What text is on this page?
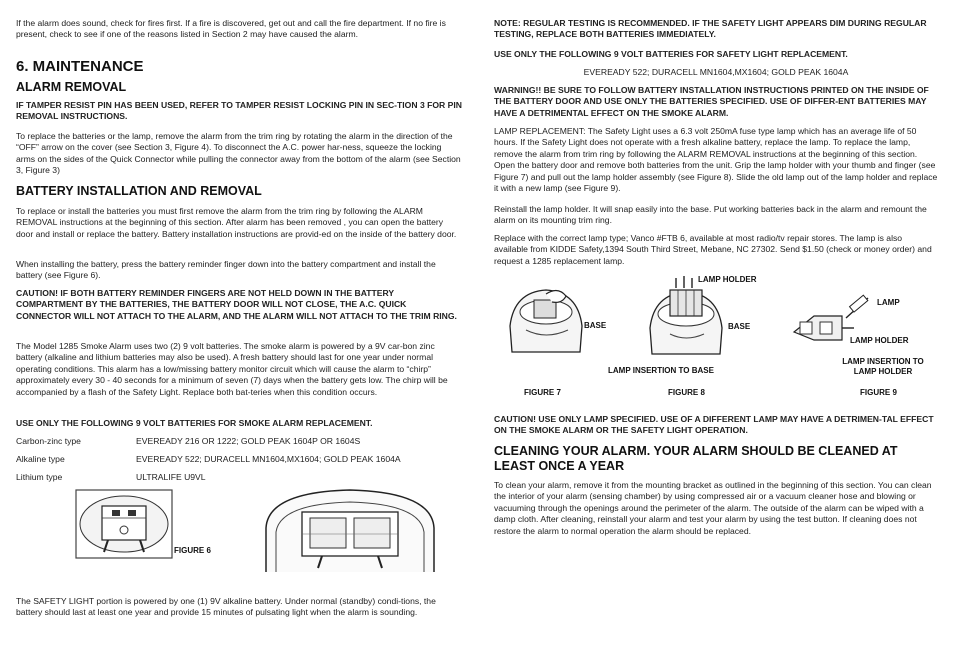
If the alarm does sound, check for fires first. If a fire is discovered, get out and call the fire department. If no fire is present, check to see if one of the reasons listed in Section 2 may have caused the alarm.

6. MAINTENANCE
ALARM REMOVAL

IF TAMPER RESIST PIN HAS BEEN USED, REFER TO TAMPER RESIST LOCKING PIN IN SEC-TION 3 FOR PIN REMOVAL INSTRUCTIONS.

To replace the batteries or the lamp, remove the alarm from the trim ring by rotating the alarm in the direction of the “OFF” arrow on the cover (see Section 3, Figure 4). To disconnect the A.C. power har-ness, squeeze the locking arms on the sides of the Quick Connector while pulling the connector away from the bottom of the alarm (see Section 3, Figure 3)

BATTERY INSTALLATION AND REMOVAL

To replace or install the batteries you must first remove the alarm from the trim ring by following the ALARM REMOVAL instructions at the beginning of this section. After alarm has been removed , you can open the battery door and install or replace the battery. Battery installation instructions are provid-ed on the inside of the battery door.

When installing the battery, press the battery reminder finger down into the battery compartment and install the battery (see Figure 6).

CAUTION! IF BOTH BATTERY REMINDER FINGERS ARE NOT HELD DOWN IN THE BATTERY COMPARTMENT BY THE BATTERIES, THE BATTERY DOOR WILL NOT CLOSE, THE A.C. QUICK CONNECTOR WILL NOT ATTACH TO THE ALARM, AND THE ALARM WILL NOT ATTACH TO THE TRIM RING.

The Model 1285 Smoke Alarm uses two (2) 9 volt batteries. The smoke alarm is powered by a 9V car-bon zinc battery (alkaline and lithium batteries may also be used). A fresh battery should last for one year under normal operating conditions. This alarm has a low/missing battery monitor circuit which will cause the alarm to “chirp” approximately every 30 - 40 seconds for a minimum of seven (7) days when the battery gets low. The chirp will be accompanied by a flash of the Safety Light. Replace both bat-teries when this condition occurs.

USE ONLY THE FOLLOWING 9 VOLT BATTERIES FOR SMOKE ALARM REPLACEMENT.

Carbon-zinc type	EVEREADY 216 OR 1222; GOLD PEAK 1604P OR 1604S
Alkaline type	EVEREADY 522; DURACELL MN1604,MX1604; GOLD PEAK 1604A
Lithium type	ULTRALIFE U9VL
FIGURE 6

The SAFETY LIGHT portion is powered by one (1) 9V alkaline battery. Under normal (standby) condi-tions, the battery should last at least one year and provide 15 minutes of pulsating light when the alarm is sounding.

NOTE: REGULAR TESTING IS RECOMMENDED. IF THE SAFETY LIGHT APPEARS DIM DURING REGULAR TESTING, REPLACE BOTH BATTERIES IMMEDIATELY.

USE ONLY THE FOLLOWING 9 VOLT BATTERIES FOR SAFETY LIGHT REPLACEMENT.

EVEREADY 522; DURACELL MN1604,MX1604; GOLD PEAK 1604A

WARNING!! BE SURE TO FOLLOW BATTERY INSTALLATION INSTRUCTIONS PRINTED ON THE INSIDE OF THE BATTERY DOOR AND USE ONLY THE BATTERIES SPECIFIED. USE OF DIFFER-ENT BATTERIES MAY HAVE A DETRIMENTAL EFFECT ON THE SMOKE ALARM.

LAMP REPLACEMENT: The Safety Light uses a 6.3 volt 250mA fuse type lamp which has an average life of 50 hours. If the Safety Light does not operate with a fresh alkaline battery, replace the lamp. To replace the lamp, remove the alarm from trim ring by following the ALARM REMOVAL instructions at the beginning of this section. Open the battery door and remove both batteries from the unit. Grip the lamp holder with your thumb and finger (see Figure 7) and pull out the lamp holder assembly (see Figure 8). Slide the old lamp out of the lamp holder and replace it with a new lamp (see Figure 9).

Reinstall the lamp holder. It will snap easily into the base. Put working batteries back in the alarm and remount the alarm on its mounting trim ring.

Replace with the correct lamp type; Vanco #FTB 6, available at most radio/tv repair stores. The lamp is also available from KIDDE Safety,1394 South Third Street, Mebane, NC 27302. Send $1.50 (check or money order) and request a 1285 replacement lamp.

LAMP HOLDER
BASE	BASE
LAMP
LAMP HOLDER
LAMP INSERTION TO BASE
LAMP INSERTION TO LAMP HOLDER
FIGURE 7	FIGURE 8	FIGURE 9

CAUTION! USE ONLY LAMP SPECIFIED. USE OF A DIFFERENT LAMP MAY HAVE A DETRIMEN-TAL EFFECT ON THE SMOKE ALARM OR THE SAFETY LIGHT OPERATION.

CLEANING YOUR ALARM. YOUR ALARM SHOULD BE CLEANED AT LEAST ONCE A YEAR

To clean your alarm, remove it from the mounting bracket as outlined in the beginning of this section. You can clean the interior of your alarm (sensing chamber) by using compressed air or a vacuum cleaner hose and blowing or vacuuming through the openings around the perimeter of the alarm. The outside of the alarm can be wiped with a damp cloth. After cleaning, reinstall your alarm and test your alarm by using the test button. If cleaning does not restore the alarm to normal operation the alarm should be replaced.
